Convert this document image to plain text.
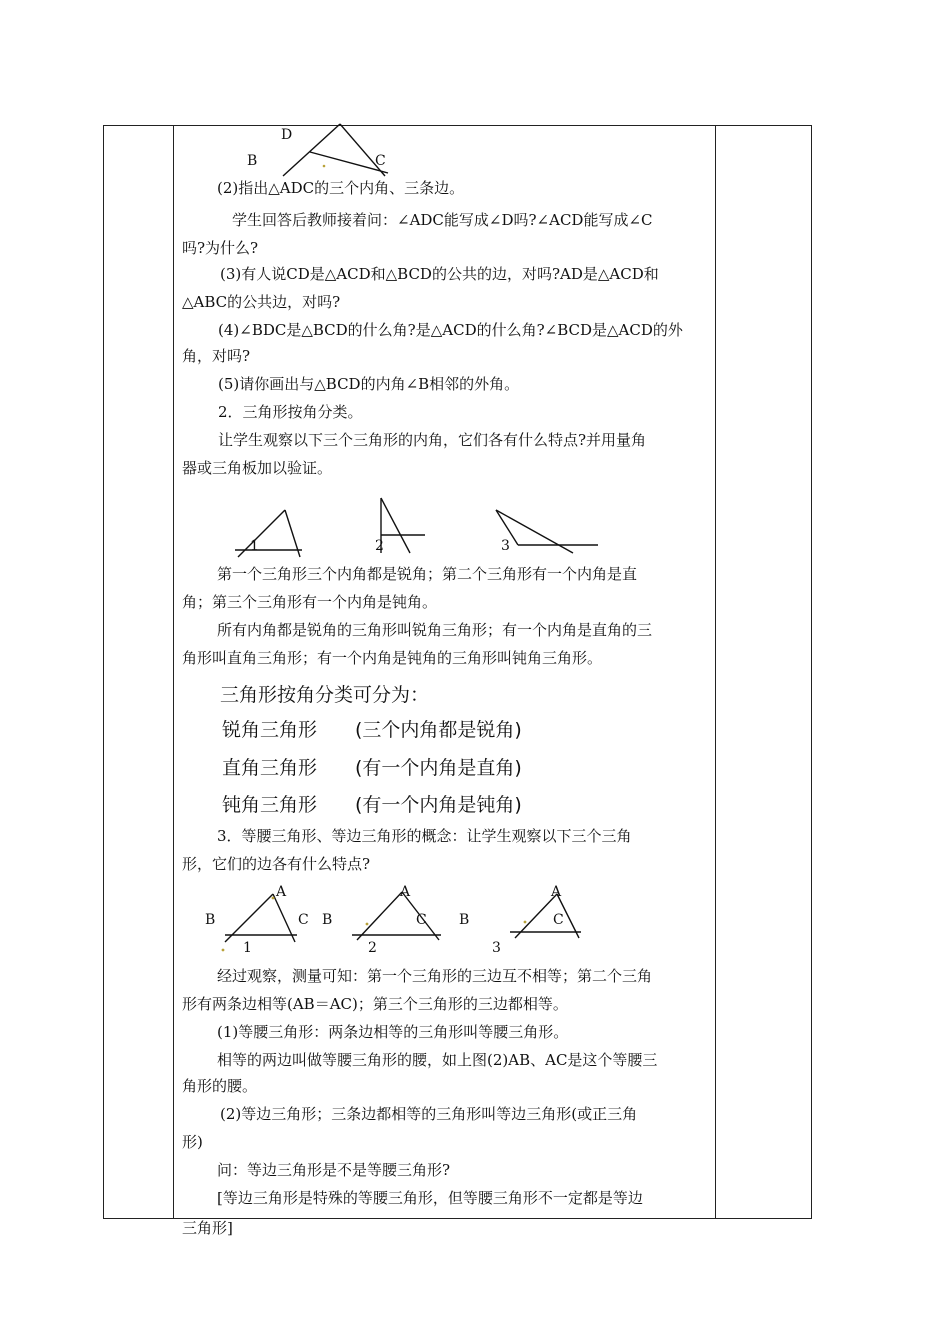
D
B	C
(2)指出△ADC的三个内角、三条边。
学生回答后教师接着问：∠ADC能写成∠D吗?∠ACD能写成∠C
吗?为什么?
(3)有人说CD是△ACD和△BCD的公共的边，对吗?AD是△ACD和
△ABC的公共边，对吗?
(4)∠BDC是△BCD的什么角?是△ACD的什么角?∠BCD是△ACD的外
角，对吗?
(5)请你画出与△BCD的内角∠B相邻的外角。
2．三角形按角分类。
让学生观察以下三个三角形的内角，它们各有什么特点?并用量角
器或三角板加以验证。
1	2	3
第一个三角形三个内角都是锐角；第二个三角形有一个内角是直
角；第三个三角形有一个内角是钝角。
所有内角都是锐角的三角形叫锐角三角形；有一个内角是直角的三
角形叫直角三角形；有一个内角是钝角的三角形叫钝角三角形。
三角形按角分类可分为：
锐角三角形 (三个内角都是锐角)
直角三角形 (有一个内角是直角)
钝角三角形 (有一个内角是钝角)
3．等腰三角形、等边三角形的概念：让学生观察以下三个三角
形，它们的边各有什么特点?
A
B	C
1
A
B	C
2
A
B	C
3
经过观察，测量可知：第一个三角形的三边互不相等；第二个三角
形有两条边相等(AB＝AC)；第三个三角形的三边都相等。
(1)等腰三角形：两条边相等的三角形叫等腰三角形。
相等的两边叫做等腰三角形的腰，如上图(2)AB、AC是这个等腰三
角形的腰。
(2)等边三角形；三条边都相等的三角形叫等边三角形(或正三角
形)
问：等边三角形是不是等腰三角形?
[等边三角形是特殊的等腰三角形，但等腰三角形不一定都是等边
三角形]
